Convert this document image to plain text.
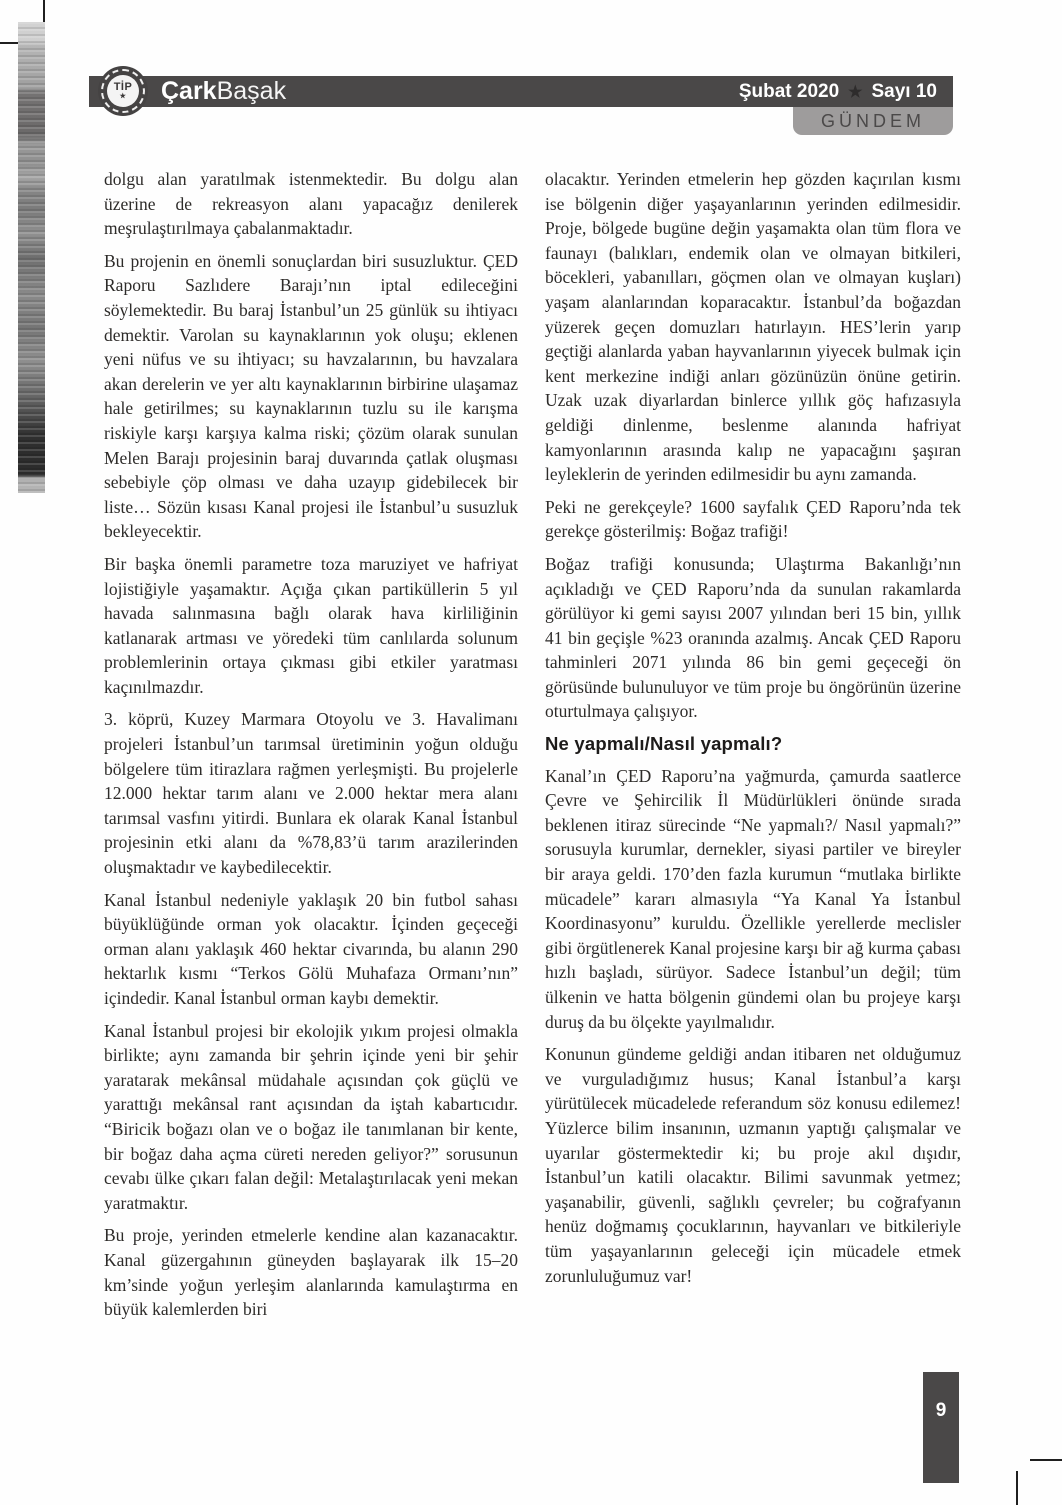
TİP
★ ÇarkBaşak	Şubat 2020 ★ Sayı 10
GÜNDEM

dolgu alan yaratılmak istenmektedir. Bu dolgu alan üzerine de rekreasyon alanı yapacağız denilerek meşrulaştırılmaya çabalanmaktadır.

Bu projenin en önemli sonuçlardan biri susuzluktur. ÇED Raporu Sazlıdere Barajı’nın iptal edileceğini söylemektedir. Bu baraj İstanbul’un 25 günlük su ihtiyacı demektir. Varolan su kaynaklarının yok oluşu; eklenen yeni nüfus ve su ihtiyacı; su havzalarının, bu havzalara akan derelerin ve yer altı kaynaklarının birbirine ulaşamaz hale getirilmes; su kaynaklarının tuzlu su ile karışma riskiyle karşı karşıya kalma riski; çözüm olarak sunulan Melen Barajı projesinin baraj duvarında çatlak oluşması sebebiyle çöp olması ve daha uzayıp gidebilecek bir liste… Sözün kısası Kanal projesi ile İstanbul’u susuzluk bekleyecektir.

Bir başka önemli parametre toza maruziyet ve hafriyat lojistiğiyle yaşamaktır. Açığa çıkan partiküllerin 5 yıl havada salınmasına bağlı olarak hava kirliliğinin katlanarak artması ve yöredeki tüm canlılarda solunum problemlerinin ortaya çıkması gibi etkiler yaratması kaçınılmazdır.

3. köprü, Kuzey Marmara Otoyolu ve 3. Havalimanı projeleri İstanbul’un tarımsal üretiminin yoğun olduğu bölgelere tüm itirazlara rağmen yerleşmişti. Bu projelerle 12.000 hektar tarım alanı ve 2.000 hektar mera alanı tarımsal vasfını yitirdi. Bunlara ek olarak Kanal İstanbul projesinin etki alanı da %78,83’ü tarım arazilerinden oluşmaktadır ve kaybedilecektir.

Kanal İstanbul nedeniyle yaklaşık 20 bin futbol sahası büyüklüğünde orman yok olacaktır. İçinden geçeceği orman alanı yaklaşık 460 hektar civarında, bu alanın 290 hektarlık kısmı “Terkos Gölü Muhafaza Ormanı’nın” içindedir. Kanal İstanbul orman kaybı demektir.

Kanal İstanbul projesi bir ekolojik yıkım projesi olmakla birlikte; aynı zamanda bir şehrin içinde yeni bir şehir yaratarak mekânsal müdahale açısından çok güçlü ve yarattığı mekânsal rant açısından da iştah kabartıcıdır. “Biricik boğazı olan ve o boğaz ile tanımlanan bir kente, bir boğaz daha açma cüreti nereden geliyor?” sorusunun cevabı ülke çıkarı falan değil: Metalaştırılacak yeni mekan yaratmaktır.

Bu proje, yerinden etmelerle kendine alan kazanacaktır. Kanal güzergahının güneyden başlayarak ilk 15–20 km’sinde yoğun yerleşim alanlarında kamulaştırma en büyük kalemlerden biri

olacaktır. Yerinden etmelerin hep gözden kaçırılan kısmı ise bölgenin diğer yaşayanlarının yerinden edilmesidir. Proje, bölgede bugüne değin yaşamakta olan tüm flora ve faunayı (balıkları, endemik olan ve olmayan bitkileri, böcekleri, yabanılları, göçmen olan ve olmayan kuşları) yaşam alanlarından koparacaktır. İstanbul’da boğazdan yüzerek geçen domuzları hatırlayın. HES’lerin yarıp geçtiği alanlarda yaban hayvanlarının yiyecek bulmak için kent merkezine indiği anları gözünüzün önüne getirin. Uzak uzak diyarlardan binlerce yıllık göç hafızasıyla geldiği dinlenme, beslenme alanında hafriyat kamyonlarının arasında kalıp ne yapacağını şaşıran leyleklerin de yerinden edilmesidir bu aynı zamanda.

Peki ne gerekçeyle? 1600 sayfalık ÇED Raporu’nda tek gerekçe gösterilmiş: Boğaz trafiği!

Boğaz trafiği konusunda; Ulaştırma Bakanlığı’nın açıkladığı ve ÇED Raporu’nda da sunulan rakamlarda görülüyor ki gemi sayısı 2007 yılından beri 15 bin, yıllık 41 bin geçişle %23 oranında azalmış. Ancak ÇED Raporu tahminleri 2071 yılında 86 bin gemi geçeceği ön görüsünde bulunuluyor ve tüm proje bu öngörünün üzerine oturtulmaya çalışıyor.

Ne yapmalı/Nasıl yapmalı?

Kanal’ın ÇED Raporu’na yağmurda, çamurda saatlerce Çevre ve Şehircilik İl Müdürlükleri önünde sırada beklenen itiraz sürecinde “Ne yapmalı?/ Nasıl yapmalı?” sorusuyla kurumlar, dernekler, siyasi partiler ve bireyler bir araya geldi. 170’den fazla kurumun “mutlaka birlikte mücadele” kararı almasıyla “Ya Kanal Ya İstanbul Koordinasyonu” kuruldu. Özellikle yerellerde meclisler gibi örgütlenerek Kanal projesine karşı bir ağ kurma çabası hızlı başladı, sürüyor. Sadece İstanbul’un değil; tüm ülkenin ve hatta bölgenin gündemi olan bu projeye karşı duruş da bu ölçekte yayılmalıdır.

Konunun gündeme geldiği andan itibaren net olduğumuz ve vurguladığımız husus; Kanal İstanbul’a karşı yürütülecek mücadelede referandum söz konusu edilemez! Yüzlerce bilim insanının, uzmanın yaptığı çalışmalar ve uyarılar göstermektedir ki; bu proje akıl dışıdır, İstanbul’un katili olacaktır. Bilimi savunmak yetmez; yaşanabilir, güvenli, sağlıklı çevreler; bu coğrafyanın henüz doğmamış çocuklarının, hayvanları ve bitkileriyle tüm yaşayanlarının geleceği için mücadele etmek zorunluluğumuz var!

9
